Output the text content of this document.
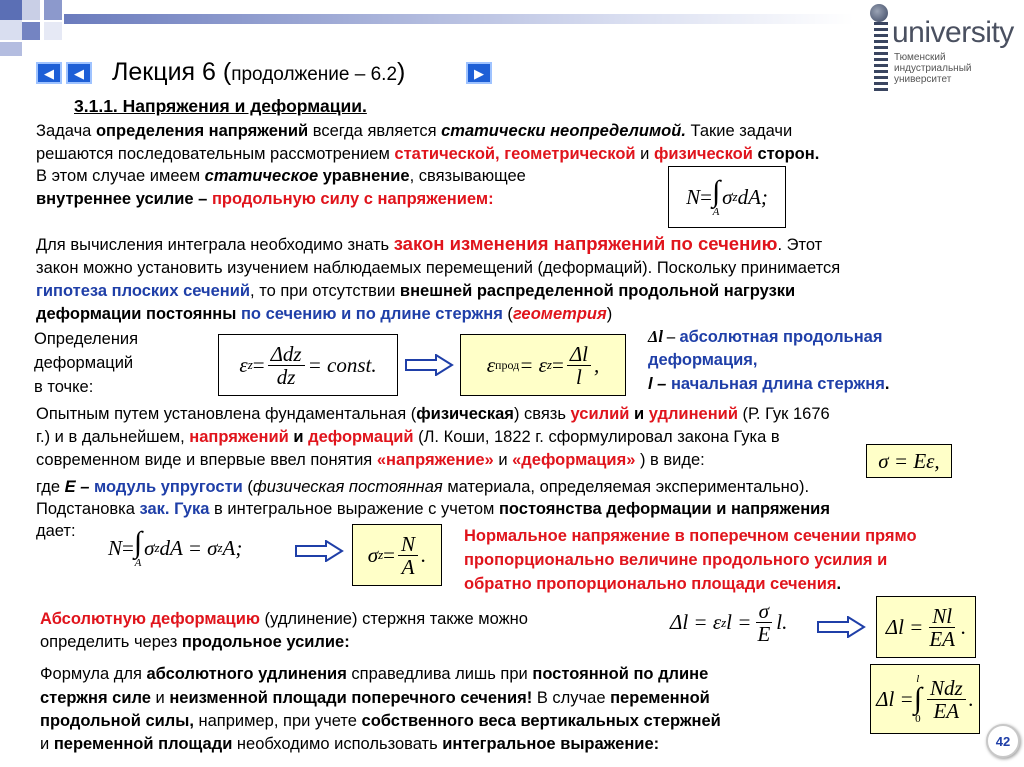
university
Тюменский
индустриальный
университет
◀ ◀	▶
Лекция 6 (продолжение – 6.2)
3.1.1. Напряжения и деформации.
Задача определения напряжений всегда является статически неопределимой. Такие задачи
решаются последовательным рассмотрением статической, геометрической и физической сторон.
В этом случае имеем статическое уравнение, связывающее
внутреннее усилие – продольную силу с напряжением:	N = ∫
A
σ z dA;
Для вычисления интеграла необходимо знать закон изменения напряжений по сечению. Этот
закон можно установить изучением наблюдаемых перемещений (деформаций). Поскольку принимается
гипотеза плоских сечений, то при отсутствии внешней распределенной продольной нагрузки
деформации постоянны по сечению и по длине стержня (геометрия)
Определения
деформаций
в точке:
ε $z = \frac{\text{Δdz}}{dz}$ = const.	ε прод = ε $z = \frac{\Delta l}{l}$ ,
Δl – абсолютная продольная
деформация,
l – начальная длина стержня.
Опытным путем установлена фундаментальная (физическая) связь усилий и удлинений (Р. Гук 1676
г.) и в дальнейшем, напряжений и деформаций (Л. Коши, 1822 г. сформулировал закона Гука в
современном виде и впервые ввел понятия «напряжение» и «деформация» ) в виде:	σ = Eε,
где E – модуль упругости (физическая постоянная материала, определяемая экспериментально).
Подстановка зак. Гука в интегральное выражение с учетом постоянства деформации и напряжения
дает:
N = ∫
A
σ z dA = σ z A;	σ $z = \frac{N}{A}$ .
Нормальное напряжение в поперечном сечении прямо
пропорционально величине продольного усилия и
обратно пропорционально площади сечения.
Абсолютную деформацию (удлинение) стержня также можно
определить через продольное усилие:
Δl = ε z $l = \frac{\sigma}{E} l$.	$\Delta l = \frac{Nl}{EA}$ .
Формула для абсолютного удлинения справедлива лишь при постоянной по длине
стержня силе и неизменной площади поперечного сечения! В случае переменной
продольной силы, например, при учете собственного веса вертикальных стержней
и переменной площади необходимо использовать интегральное выражение:
Δl =
l
∫
$0 \frac{\text{Ndz}}{EA}$ .
42
